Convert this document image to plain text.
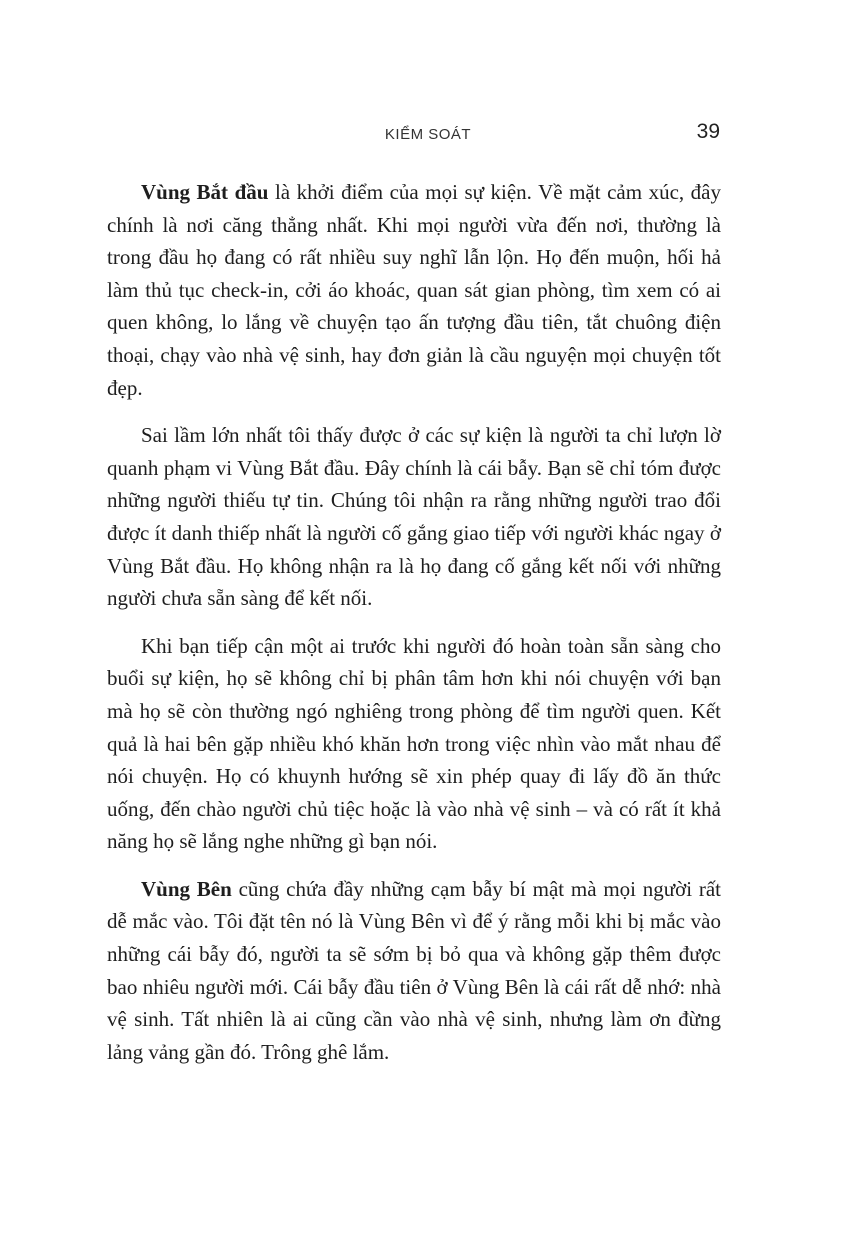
KIỂM SOÁT	39

Vùng Bắt đầu là khởi điểm của mọi sự kiện. Về mặt cảm xúc, đây chính là nơi căng thẳng nhất. Khi mọi người vừa đến nơi, thường là trong đầu họ đang có rất nhiều suy nghĩ lẫn lộn. Họ đến muộn, hối hả làm thủ tục check-in, cởi áo khoác, quan sát gian phòng, tìm xem có ai quen không, lo lắng về chuyện tạo ấn tượng đầu tiên, tắt chuông điện thoại, chạy vào nhà vệ sinh, hay đơn giản là cầu nguyện mọi chuyện tốt đẹp.

Sai lầm lớn nhất tôi thấy được ở các sự kiện là người ta chỉ lượn lờ quanh phạm vi Vùng Bắt đầu. Đây chính là cái bẫy. Bạn sẽ chỉ tóm được những người thiếu tự tin. Chúng tôi nhận ra rằng những người trao đổi được ít danh thiếp nhất là người cố gắng giao tiếp với người khác ngay ở Vùng Bắt đầu. Họ không nhận ra là họ đang cố gắng kết nối với những người chưa sẵn sàng để kết nối.

Khi bạn tiếp cận một ai trước khi người đó hoàn toàn sẵn sàng cho buổi sự kiện, họ sẽ không chỉ bị phân tâm hơn khi nói chuyện với bạn mà họ sẽ còn thường ngó nghiêng trong phòng để tìm người quen. Kết quả là hai bên gặp nhiều khó khăn hơn trong việc nhìn vào mắt nhau để nói chuyện. Họ có khuynh hướng sẽ xin phép quay đi lấy đồ ăn thức uống, đến chào người chủ tiệc hoặc là vào nhà vệ sinh – và có rất ít khả năng họ sẽ lắng nghe những gì bạn nói.

Vùng Bên cũng chứa đầy những cạm bẫy bí mật mà mọi người rất dễ mắc vào. Tôi đặt tên nó là Vùng Bên vì để ý rằng mỗi khi bị mắc vào những cái bẫy đó, người ta sẽ sớm bị bỏ qua và không gặp thêm được bao nhiêu người mới. Cái bẫy đầu tiên ở Vùng Bên là cái rất dễ nhớ: nhà vệ sinh. Tất nhiên là ai cũng cần vào nhà vệ sinh, nhưng làm ơn đừng lảng vảng gần đó. Trông ghê lắm.
